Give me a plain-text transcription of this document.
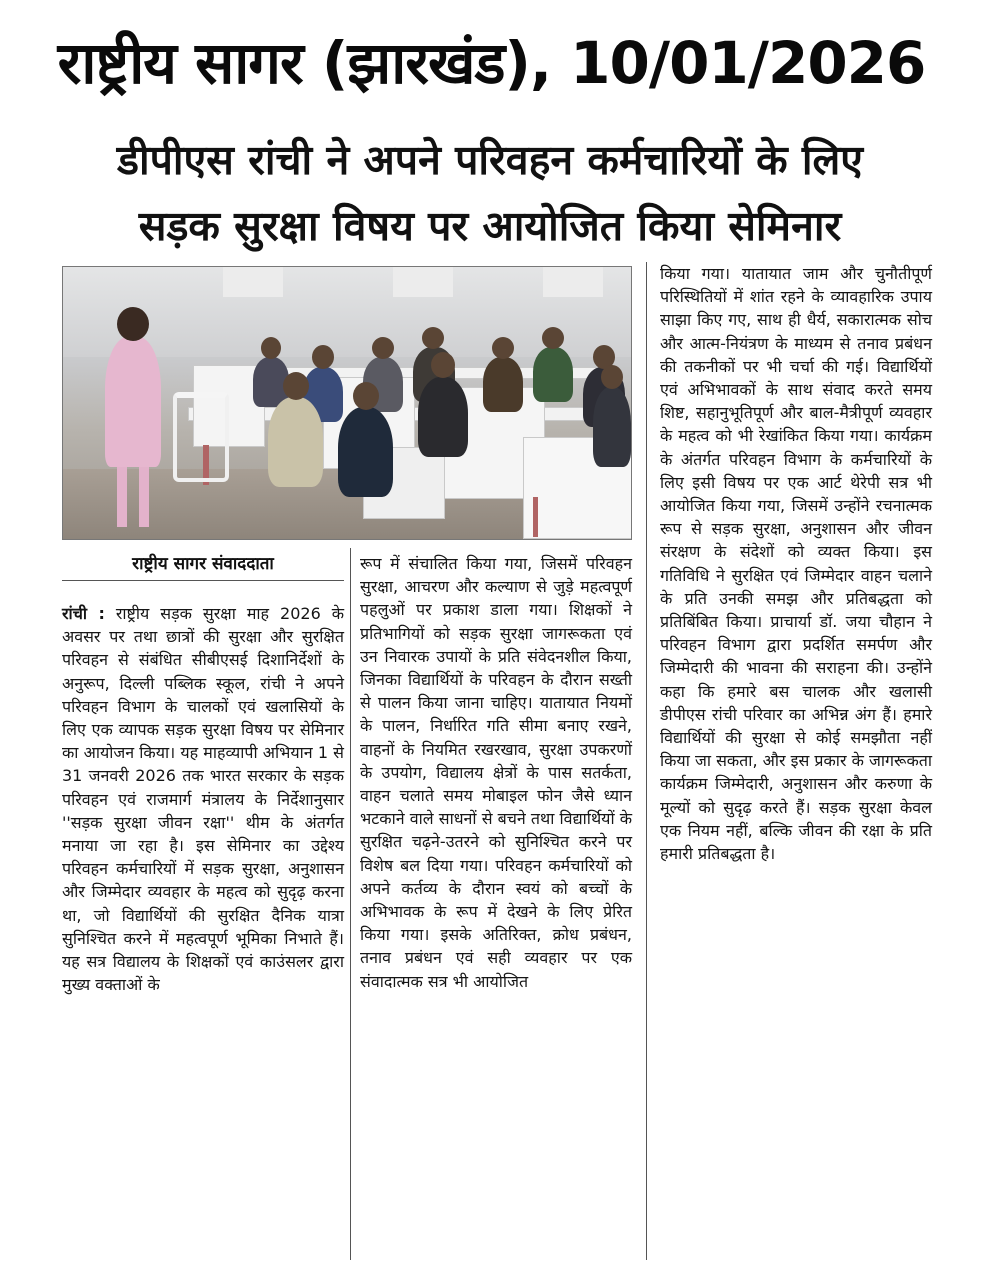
राष्ट्रीय सागर (झारखंड), 10/01/2026
डीपीएस रांची ने अपने परिवहन कर्मचारियों के लिए
सड़क सुरक्षा विषय पर आयोजित किया सेमिनार
राष्ट्रीय सागर संवाददाता

रांची : राष्ट्रीय सड़क सुरक्षा माह 2026 के अवसर पर तथा छात्रों की सुरक्षा और सुरक्षित परिवहन से संबंधित सीबीएसई दिशानिर्देशों के अनुरूप, दिल्ली पब्लिक स्कूल, रांची ने अपने परिवहन विभाग के चालकों एवं खलासियों के लिए एक व्यापक सड़क सुरक्षा विषय पर सेमिनार का आयोजन किया। यह माहव्यापी अभियान 1 से 31 जनवरी 2026 तक भारत सरकार के सड़क परिवहन एवं राजमार्ग मंत्रालय के निर्देशानुसार ''सड़क सुरक्षा जीवन रक्षा'' थीम के अंतर्गत मनाया जा रहा है। इस सेमिनार का उद्देश्य परिवहन कर्मचारियों में सड़क सुरक्षा, अनुशासन और जिम्मेदार व्यवहार के महत्व को सुदृढ़ करना था, जो विद्यार्थियों की सुरक्षित दैनिक यात्रा सुनिश्चित करने में महत्वपूर्ण भूमिका निभाते हैं। यह सत्र विद्यालय के शिक्षकों एवं काउंसलर द्वारा मुख्य वक्ताओं के

रूप में संचालित किया गया, जिसमें परिवहन सुरक्षा, आचरण और कल्याण से जुड़े महत्वपूर्ण पहलुओं पर प्रकाश डाला गया। शिक्षकों ने प्रतिभागियों को सड़क सुरक्षा जागरूकता एवं उन निवारक उपायों के प्रति संवेदनशील किया, जिनका विद्यार्थियों के परिवहन के दौरान सख्ती से पालन किया जाना चाहिए। यातायात नियमों के पालन, निर्धारित गति सीमा बनाए रखने, वाहनों के नियमित रखरखाव, सुरक्षा उपकरणों के उपयोग, विद्यालय क्षेत्रों के पास सतर्कता, वाहन चलाते समय मोबाइल फोन जैसे ध्यान भटकाने वाले साधनों से बचने तथा विद्यार्थियों के सुरक्षित चढ़ने-उतरने को सुनिश्चित करने पर विशेष बल दिया गया। परिवहन कर्मचारियों को अपने कर्तव्य के दौरान स्वयं को बच्चों के अभिभावक के रूप में देखने के लिए प्रेरित किया गया। इसके अतिरिक्त, क्रोध प्रबंधन, तनाव प्रबंधन एवं सही व्यवहार पर एक संवादात्मक सत्र भी आयोजित

किया गया। यातायात जाम और चुनौतीपूर्ण परिस्थितियों में शांत रहने के व्यावहारिक उपाय साझा किए गए, साथ ही धैर्य, सकारात्मक सोच और आत्म-नियंत्रण के माध्यम से तनाव प्रबंधन की तकनीकों पर भी चर्चा की गई। विद्यार्थियों एवं अभिभावकों के साथ संवाद करते समय शिष्ट, सहानुभूतिपूर्ण और बाल-मैत्रीपूर्ण व्यवहार के महत्व को भी रेखांकित किया गया। कार्यक्रम के अंतर्गत परिवहन विभाग के कर्मचारियों के लिए इसी विषय पर एक आर्ट थेरेपी सत्र भी आयोजित किया गया, जिसमें उन्होंने रचनात्मक रूप से सड़क सुरक्षा, अनुशासन और जीवन संरक्षण के संदेशों को व्यक्त किया। इस गतिविधि ने सुरक्षित एवं जिम्मेदार वाहन चलाने के प्रति उनकी समझ और प्रतिबद्धता को प्रतिबिंबित किया। प्राचार्या डॉ. जया चौहान ने परिवहन विभाग द्वारा प्रदर्शित समर्पण और जिम्मेदारी की भावना की सराहना की। उन्होंने कहा कि हमारे बस चालक और खलासी डीपीएस रांची परिवार का अभिन्न अंग हैं। हमारे विद्यार्थियों की सुरक्षा से कोई समझौता नहीं किया जा सकता, और इस प्रकार के जागरूकता कार्यक्रम जिम्मेदारी, अनुशासन और करुणा के मूल्यों को सुदृढ़ करते हैं। सड़क सुरक्षा केवल एक नियम नहीं, बल्कि जीवन की रक्षा के प्रति हमारी प्रतिबद्धता है।
